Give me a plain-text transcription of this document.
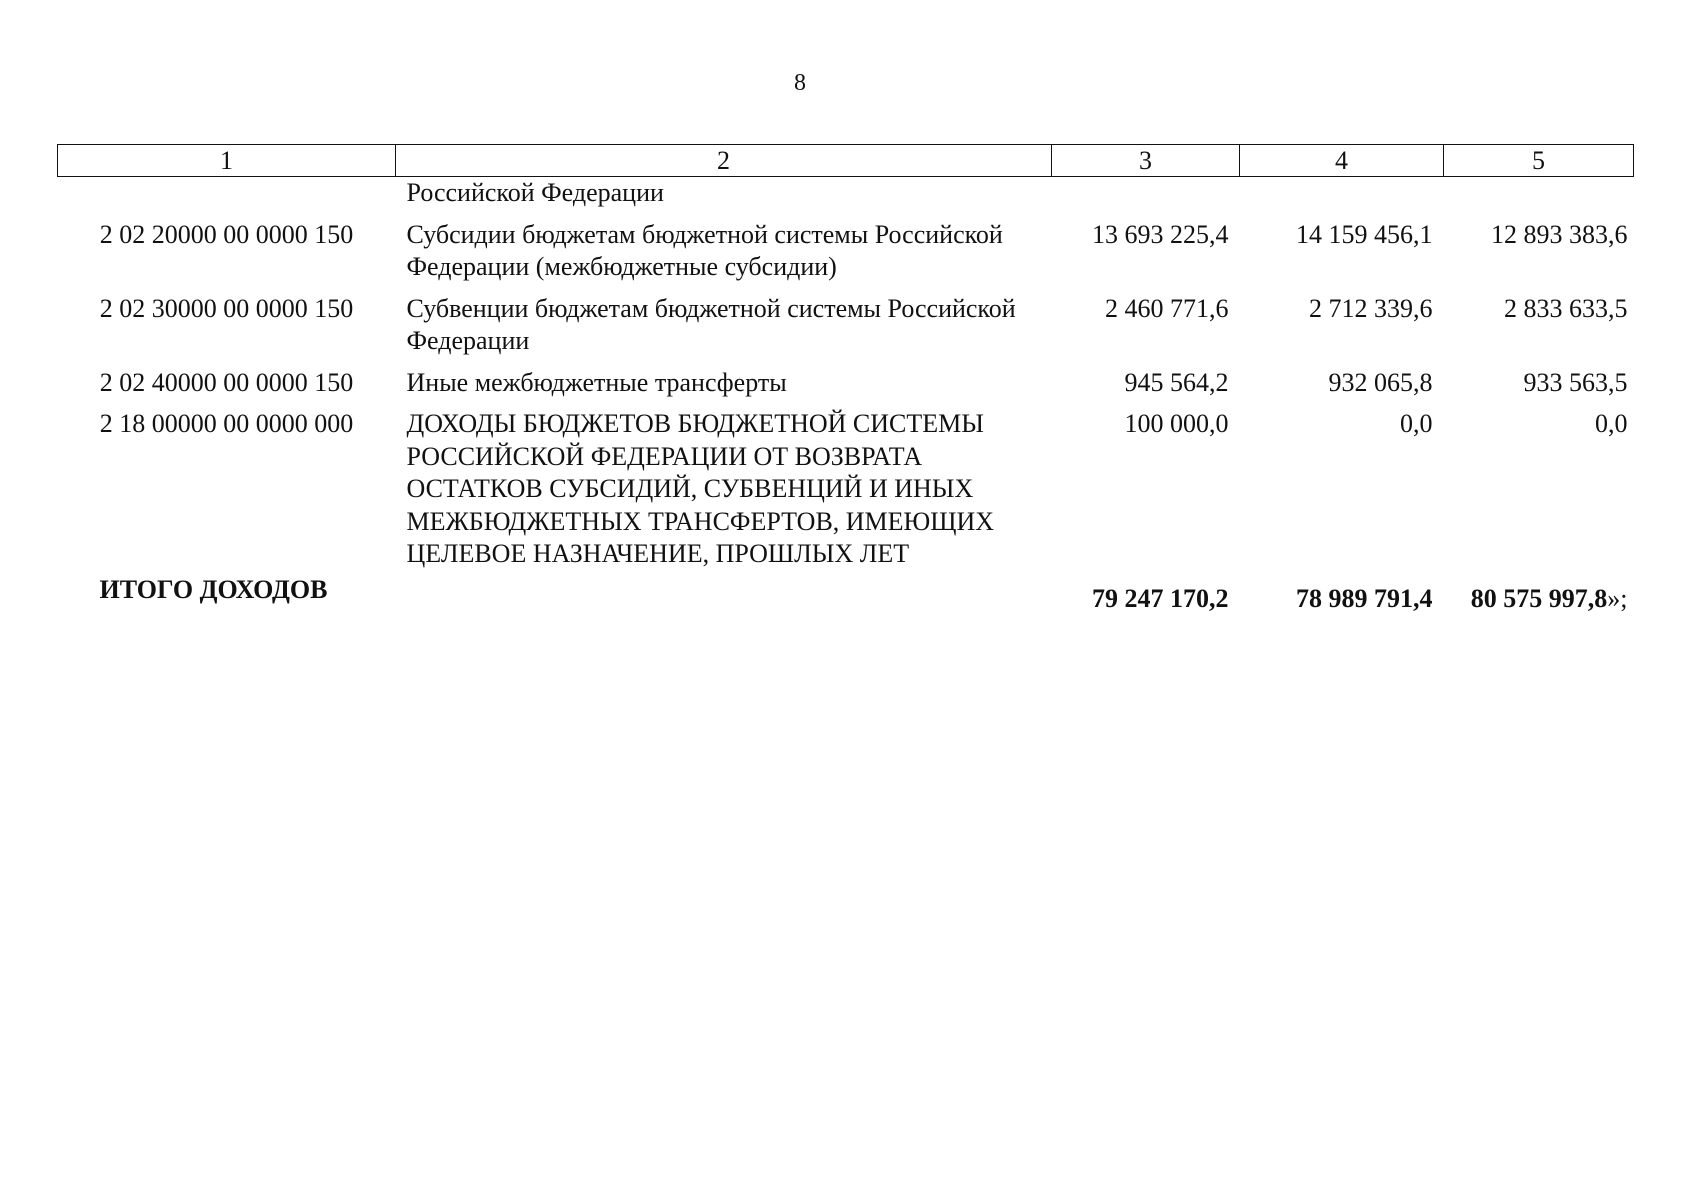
8
1	2	3	4	5
	Российской Федерации			
2 02 20000 00 0000 150	Субсидии бюджетам бюджетной системы Российской Федерации (межбюджетные субсидии)	13 693 225,4	14 159 456,1	12 893 383,6
2 02 30000 00 0000 150	Субвенции бюджетам бюджетной системы Российской Федерации	2 460 771,6	2 712 339,6	2 833 633,5
2 02 40000 00 0000 150	Иные межбюджетные трансферты	945 564,2	932 065,8	933 563,5
2 18 00000 00 0000 000	ДОХОДЫ БЮДЖЕТОВ БЮДЖЕТНОЙ СИСТЕМЫ РОССИЙСКОЙ ФЕДЕРАЦИИ ОТ ВОЗВРАТА ОСТАТКОВ СУБСИДИЙ, СУБВЕНЦИЙ И ИНЫХ МЕЖБЮДЖЕТНЫХ ТРАНСФЕРТОВ, ИМЕЮЩИХ ЦЕЛЕВОЕ НАЗНАЧЕНИЕ, ПРОШЛЫХ ЛЕТ	100 000,0	0,0	0,0
ИТОГО ДОХОДОВ		79 247 170,2	78 989 791,4	80 575 997,8»;
